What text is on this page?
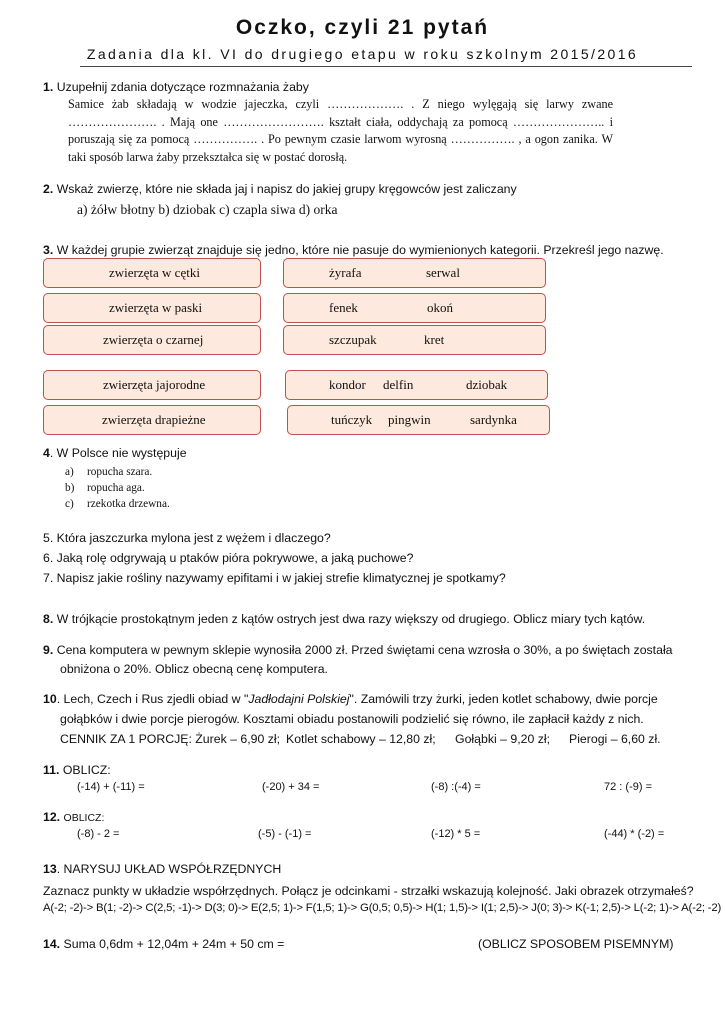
Oczko, czyli 21 pytań
Zadania dla kl. VI do drugiego etapu w roku szkolnym 2015/2016
1. Uzupełnij zdania dotyczące rozmnażania żaby
Samice żab składają w wodzie jajeczka, czyli ………………. . Z niego wylęgają się larwy zwane …………………. . Mają one ……………………. kształt ciała, oddychają za pomocą ………………….. i poruszają się za pomocą ……………. . Po pewnym czasie larwom wyrosną ……………. , a ogon zanika. W taki sposób larwa żaby przekształca się w postać dorosłą.
2. Wskaż zwierzę, które nie składa jaj i napisz do jakiej grupy kręgowców jest zaliczany
a) żółw błotny b) dziobak c) czapla siwa d) orka
3. W każdej grupie zwierząt znajduje się jedno, które nie pasuje do wymienionych kategorii. Przekreśl jego nazwę.
zwierzęta w cętki	żyrafa	serwal
zwierzęta w paski	fenek	okoń
zwierzęta o czarnej	szczupak	kret
zwierzęta jajorodne	kondor delfin	dziobak
zwierzęta drapieżne	tuńczyk pingwin	sardynka
4. W Polsce nie występuje
a) ropucha szara.
b) ropucha aga.
c) rzekotka drzewna.
5. Która jaszczurka mylona jest z wężem i dlaczego?
6. Jaką rolę odgrywają u ptaków pióra pokrywowe, a jaką puchowe?
7. Napisz jakie rośliny nazywamy epifitami i w jakiej strefie klimatycznej je spotkamy?
8. W trójkącie prostokątnym jeden z kątów ostrych jest dwa razy większy od drugiego. Oblicz miary tych kątów.
9. Cena komputera w pewnym sklepie wynosiła 2000 zł. Przed świętami cena wzrosła o 30%, a po świętach została
obniżona o 20%. Oblicz obecną cenę komputera.
10. Lech, Czech i Rus zjedli obiad w "Jadłodajni Polskiej". Zamówili trzy żurki, jeden kotlet schabowy, dwie porcje
gołąbków i dwie porcje pierogów. Kosztami obiadu postanowili podzielić się równo, ile zapłacił każdy z nich.
CENNIK ZA 1 PORCJĘ: Żurek – 6,90 zł; Kotlet schabowy – 12,80 zł; Gołąbki – 9,20 zł; Pierogi – 6,60 zł.
11. OBLICZ:
(-14) + (-11) =	(-20) + 34 =	(-8) :(-4) =	72 : (-9) =
12. OBLICZ:
(-8) - 2 =	(-5) - (-1) =	(-12) * 5 =	(-44) * (-2) =
13. NARYSUJ UKŁAD WSPÓŁRZĘDNYCH
Zaznacz punkty w układzie współrzędnych. Połącz je odcinkami - strzałki wskazują kolejność. Jaki obrazek otrzymałeś?
A(-2; -2)-> B(1; -2)-> C(2,5; -1)-> D(3; 0)-> E(2,5; 1)-> F(1,5; 1)-> G(0,5; 0,5)-> H(1; 1,5)-> I(1; 2,5)-> J(0; 3)-> K(-1; 2,5)-> L(-2; 1)-> A(-2; -2)
14. Suma 0,6dm + 12,04m + 24m + 50 cm =	(OBLICZ SPOSOBEM PISEMNYM)
